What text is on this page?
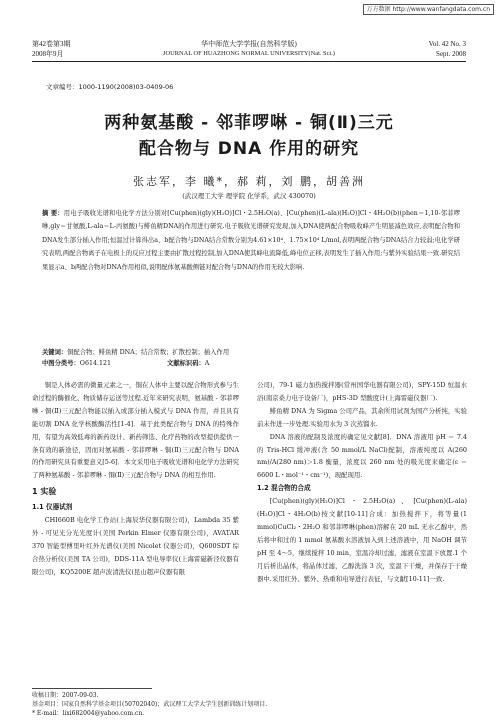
万方数据 http://www.wanfangdata.com.cn
第42卷第3期
2008年9月
华中师范大学学报(自然科学版)
JOURNAL OF HUAZHONG NORMAL UNIVERSITY(Nat. Sci.)
Vol. 42 No. 3
Sept. 2008
文章编号：1000-1190(2008)03-0409-06
两种氨基酸 - 邻菲啰啉 - 铜(Ⅱ)三元
配合物与 DNA 作用的研究
张志军，李 曦*，郝 莉，刘 鹏，胡善洲
(武汉理工大学 理学院 化学系，武汉 430070)
摘 要：用电子吸收光谱和电化学方法分别对[Cu(phen)(gly)(H₂O)]Cl・2.5H₂O(a)、[Cu(phen)(L-ala)(H₂O)]Cl・4H₂O(b)(phen＝1,10-邻菲啰啉,gly＝甘氨酸,L-ala＝L-丙氨酸)与鲱鱼精DNA的作用进行研究.电子吸收光谱研究发现,加入DNA使两配合物吸收峰产生明显减色效应,表明配合物和DNA发生部分插入作用;恒温过计算得出a、b配合物与DNA结合常数分别为4.61×10⁴、1.75×10⁴ L/mol,表明两配合物与DNA结合力较弱;电化学研究表明,两配合物离子在电极上的反应过程主要由扩散过程控制,加入DNA使其峰电流降低,峰电位正移,表明发生了插入作用;与紫外实验结果一致.研究结果显示a、b两配合物对DNA作用相似,说明配体氨基酸侧链对配合物与DNA的作用无较大影响.
关键词：铜配合物；鲱鱼精 DNA；结合常数；扩散控制；插入作用
中图分类号：O614.121	文献标识码：A

铜是人体必需的微量元素之一，铜在人体中主要以配合物形式参与生命过程的酶催化、物质储存运送等过程.近年来研究表明，氨基酸 - 邻菲啰啉 - 铜(Ⅱ)三元配合物能以插入或部分插入模式与 DNA 作用，并且具有能切割 DNA 化学核酸酶活性[1-4]．基于此类配合物与 DNA 的特殊作用，有望为高效低毒的新药设计、新药筛选、化疗药物的改型提供提供一条有效的新途径，因而对氨基酸 - 邻菲啰啉 - 铜(Ⅱ)三元配合物与 DNA 的作用研究具有重要意义[5-6]．本文采用电子吸收光谱和电化学方法研究了两种氨基酸 - 邻菲啰啉 - 铜(Ⅱ)三元配合物与 DNA 的相互作用.

1 实验
1.1 仪器试剂

CHI660B 电化学工作站(上海辰华仪器有限公司)，Lambda 35 紫外 - 可见光分光光度计(美国 Perkin Elmer 仪器有限公司)，AVATAR 370 智能型傅里叶红外光谱仪(美国 Nicolet 仪器公司)，Q600SDT 综合热分析仪(美国 TA 公司)，DDS-11A 型电导率仪(上海雷磁新泾仪器有限公司)，KQ5200E 超声波清洗仪(昆山超声仪器有限

公司)，79-1 磁力加热搅拌器(常州国华电器有限公司)，SPY-15D 恒温水浴(南京桑力电子设备厂)，pHS-3D 型酸度计(上海雷磁仪器厂).

鲱鱼精 DNA 为 Sigma 公司产品，其余所用试剂为国产分析纯，实验前未作进一步处理.实验用水为 3 次蒸馏水.

DNA 溶液的配制及浓度的确定见文献[8]．DNA 溶液用 pH ＝ 7.4 的 Tris-HCl 缓冲液(含 50 mmol/L NaCl)配制，溶液纯度以 A(260 nm)/A(280 nm)＞1.8 衡量，浓度以 260 nm 处的吸光度来确定(ε ＝ 6600 L・mol⁻¹・cm⁻¹)，现配现用.

1.2 混合物的合成

[Cu(phen)(gly)(H₂O)]Cl・2.5H₂O(a)、[Cu(phen)(L-ala)(H₂O)]Cl・4H₂O(b)按文献[10-11]合成：加热搅拌下，将等量(1 mmol)CuCl₂・2H₂O 和邻菲啰啉(phen)溶解在 20 mL 无水乙醇中，然后将中和过的 1 mmol 氨基酸水溶液加入到上述溶液中，用 NaOH 调节 pH 至 4～5，继续搅拌 10 min，室温冷却过滤，滤液在室温下放置.1 个月后析出晶体，将晶体过滤，乙醇洗涤 3 次，室温下干燥，并保存于干燥器中.采用红外、紫外、热重和电导进行表征，与文献[10-11]一致.

收稿日期：2007-09-03.
基金项目：国家自然科学基金项目(50702040)；武汉理工大学大学生创新训练计划项目.
* E-mail：lixi682004@yahoo.com.cn.
